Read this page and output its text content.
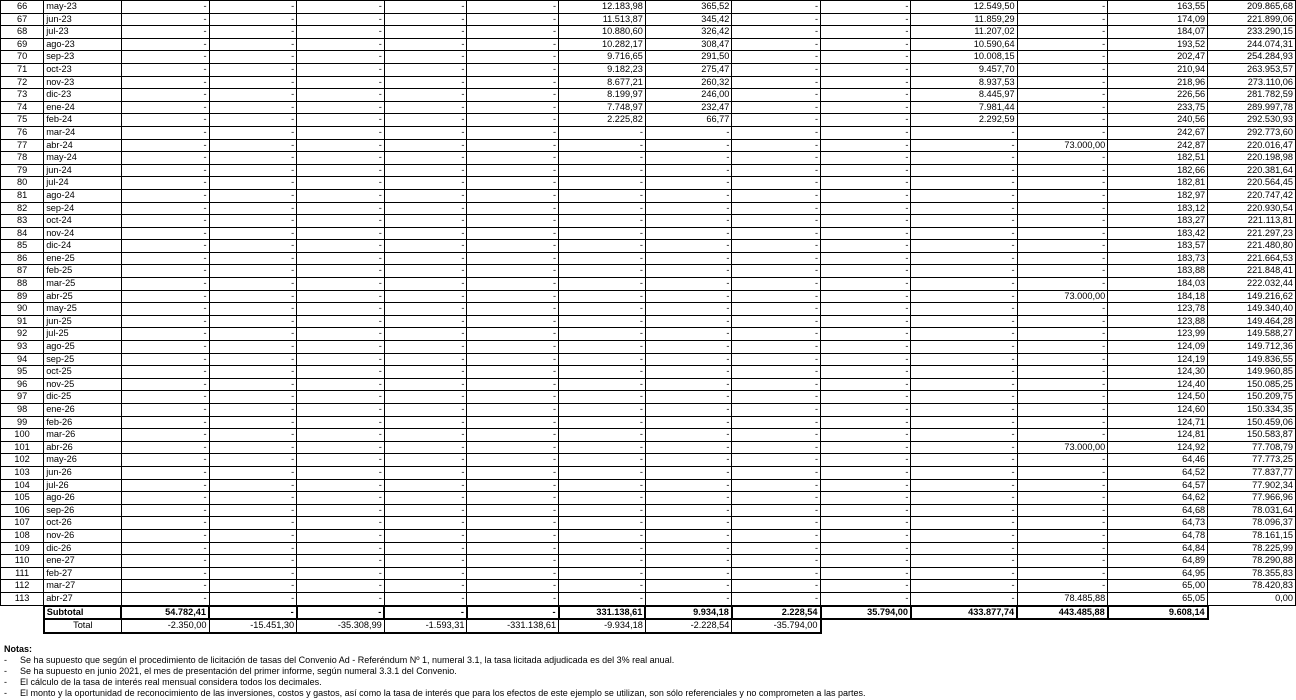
66	may-23	-	-	-	-	-	12.183,98	365,52	-	-	12.549,50	-	163,55	209.865,68
67	jun-23	-	-	-	-	-	11.513,87	345,42	-	-	11.859,29	-	174,09	221.899,06
68	jul-23	-	-	-	-	-	10.880,60	326,42	-	-	11.207,02	-	184,07	233.290,15
69	ago-23	-	-	-	-	-	10.282,17	308,47	-	-	10.590,64	-	193,52	244.074,31
70	sep-23	-	-	-	-	-	9.716,65	291,50	-	-	10.008,15	-	202,47	254.284,93
71	oct-23	-	-	-	-	-	9.182,23	275,47	-	-	9.457,70	-	210,94	263.953,57
72	nov-23	-	-	-	-	-	8.677,21	260,32	-	-	8.937,53	-	218,96	273.110,06
73	dic-23	-	-	-	-	-	8.199,97	246,00	-	-	8.445,97	-	226,56	281.782,59
74	ene-24	-	-	-	-	-	7.748,97	232,47	-	-	7.981,44	-	233,75	289.997,78
75	feb-24	-	-	-	-	-	2.225,82	66,77	-	-	2.292,59	-	240,56	292.530,93
76	mar-24	-	-	-	-	-	-	-	-	-	-	-	242,67	292.773,60
77	abr-24	-	-	-	-	-	-	-	-	-	-	73.000,00	242,87	220.016,47
78	may-24	-	-	-	-	-	-	-	-	-	-	-	182,51	220.198,98
79	jun-24	-	-	-	-	-	-	-	-	-	-	-	182,66	220.381,64
80	jul-24	-	-	-	-	-	-	-	-	-	-	-	182,81	220.564,45
81	ago-24	-	-	-	-	-	-	-	-	-	-	-	182,97	220.747,42
82	sep-24	-	-	-	-	-	-	-	-	-	-	-	183,12	220.930,54
83	oct-24	-	-	-	-	-	-	-	-	-	-	-	183,27	221.113,81
84	nov-24	-	-	-	-	-	-	-	-	-	-	-	183,42	221.297,23
85	dic-24	-	-	-	-	-	-	-	-	-	-	-	183,57	221.480,80
86	ene-25	-	-	-	-	-	-	-	-	-	-	-	183,73	221.664,53
87	feb-25	-	-	-	-	-	-	-	-	-	-	-	183,88	221.848,41
88	mar-25	-	-	-	-	-	-	-	-	-	-	-	184,03	222.032,44
89	abr-25	-	-	-	-	-	-	-	-	-	-	73.000,00	184,18	149.216,62
90	may-25	-	-	-	-	-	-	-	-	-	-	-	123,78	149.340,40
91	jun-25	-	-	-	-	-	-	-	-	-	-	-	123,88	149.464,28
92	jul-25	-	-	-	-	-	-	-	-	-	-	-	123,99	149.588,27
93	ago-25	-	-	-	-	-	-	-	-	-	-	-	124,09	149.712,36
94	sep-25	-	-	-	-	-	-	-	-	-	-	-	124,19	149.836,55
95	oct-25	-	-	-	-	-	-	-	-	-	-	-	124,30	149.960,85
96	nov-25	-	-	-	-	-	-	-	-	-	-	-	124,40	150.085,25
97	dic-25	-	-	-	-	-	-	-	-	-	-	-	124,50	150.209,75
98	ene-26	-	-	-	-	-	-	-	-	-	-	-	124,60	150.334,35
99	feb-26	-	-	-	-	-	-	-	-	-	-	-	124,71	150.459,06
100	mar-26	-	-	-	-	-	-	-	-	-	-	-	124,81	150.583,87
101	abr-26	-	-	-	-	-	-	-	-	-	-	73.000,00	124,92	77.708,79
102	may-26	-	-	-	-	-	-	-	-	-	-	-	64,46	77.773,25
103	jun-26	-	-	-	-	-	-	-	-	-	-	-	64,52	77.837,77
104	jul-26	-	-	-	-	-	-	-	-	-	-	-	64,57	77.902,34
105	ago-26	-	-	-	-	-	-	-	-	-	-	-	64,62	77.966,96
106	sep-26	-	-	-	-	-	-	-	-	-	-	-	64,68	78.031,64
107	oct-26	-	-	-	-	-	-	-	-	-	-	-	64,73	78.096,37
108	nov-26	-	-	-	-	-	-	-	-	-	-	-	64,78	78.161,15
109	dic-26	-	-	-	-	-	-	-	-	-	-	-	64,84	78.225,99
110	ene-27	-	-	-	-	-	-	-	-	-	-	-	64,89	78.290,88
111	feb-27	-	-	-	-	-	-	-	-	-	-	-	64,95	78.355,83
112	mar-27	-	-	-	-	-	-	-	-	-	-	-	65,00	78.420,83
113	abr-27	-	-	-	-	-	-	-	-	-	-	78.485,88	65,05	0,00
	Subtotal	54.782,41	-	-	-	-	331.138,61	9.934,18	2.228,54	35.794,00	433.877,74	443.485,88	9.608,14	
	Total	-2.350,00	-15.451,30	-35.308,99	-1.593,31	-331.138,61	-9.934,18	-2.228,54	-35.794,00					
Notas:
- Se ha supuesto que según el procedimiento de licitación de tasas del Convenio Ad - Referéndum Nº 1, numeral 3.1, la tasa licitada adjudicada es del 3% real anual.
- Se ha supuesto en junio 2021, el mes de presentación del primer informe, según numeral 3.3.1 del Convenio.
- El cálculo de la tasa de interés real mensual considera todos los decimales.
- El monto y la oportunidad de reconocimiento de las inversiones, costos y gastos, así como la tasa de interés que para los efectos de este ejemplo se utilizan, son sólo referenciales y no comprometen a las partes.
